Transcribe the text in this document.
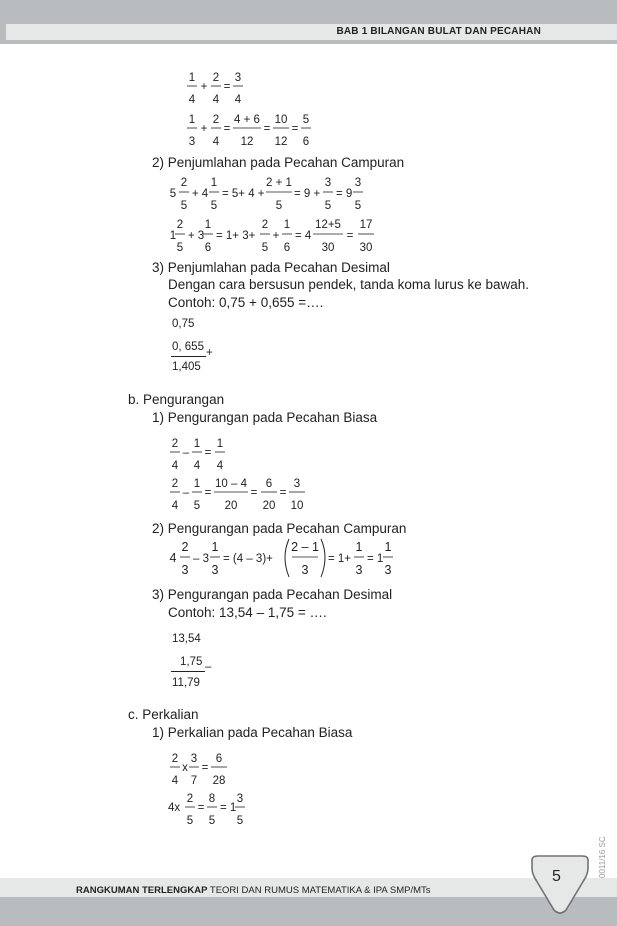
BAB 1 BILANGAN BULAT DAN PECAHAN
1
4
+
2
4
=
3
4
1
3
+
2
4
=
4 + 6
12
=
10
12
=
5
6
2) Penjumlahan pada Pecahan Campuran
5
2
5
+ 4
1
5
= 5+ 4 +
2 + 1
5
= 9 +
3
5
= 9
3
5
1
2
5
+ 3
1
6
= 1+ 3+
2
5
+
1
6
= 4
12+5
30
=
17
30
3) Penjumlahan pada Pecahan Desimal
Dengan cara bersusun pendek, tanda koma lurus ke bawah.
Contoh: 0,75 + 0,655 =….
0,75
0, 655 +
1,405
b. Pengurangan
1) Pengurangan pada Pecahan Biasa
2
4
–
1
4
=
1
4
2
4
–
1
5
=
10 – 4
20
=
6
20
=
3
10
2) Pengurangan pada Pecahan Campuran
4
2
3
– 3
1
3
= (4 – 3)+
2 – 1
3
= 1+
1
3
= 1
1
3
3) Pengurangan pada Pecahan Desimal
Contoh: 13,54 – 1,75 = ….
13,54
1,75 –
11,79
c. Perkalian
1) Perkalian pada Pecahan Biasa
2
4
x
3
7
=
6
28
4x
2
5
=
8
5
= 1
3
5
RANGKUMAN TERLENGKAP TEORI DAN RUMUS MATEMATIKA & IPA SMP/MTs
5	0011/16 SC
